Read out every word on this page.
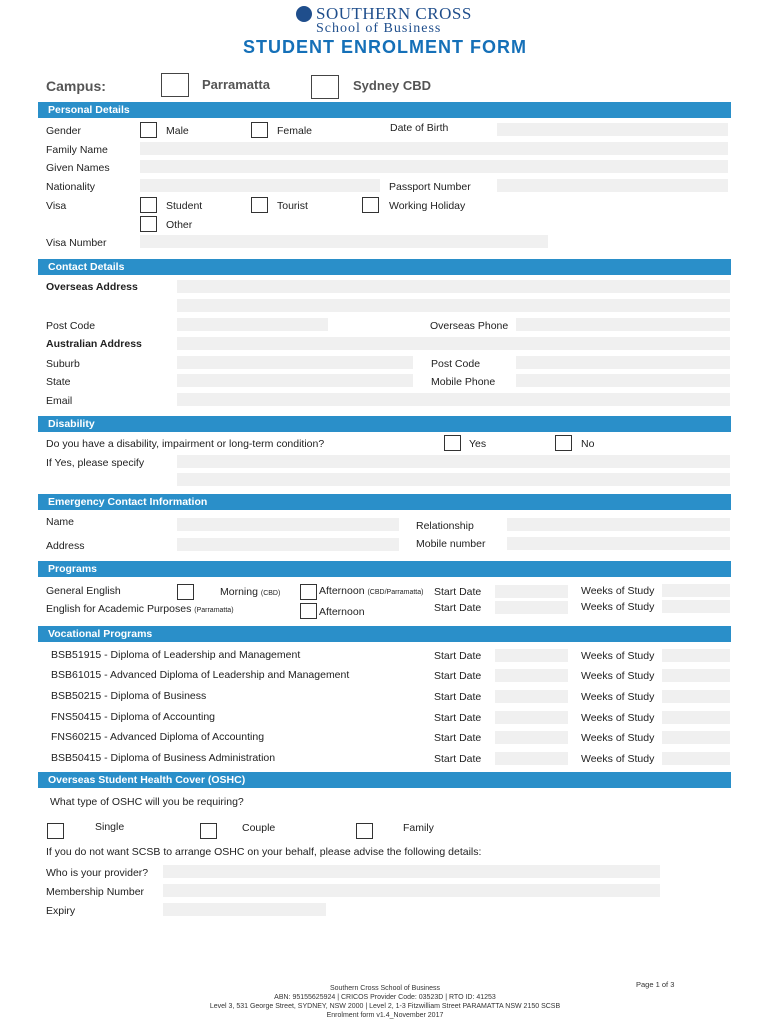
SOUTHERN CROSS
School of Business
STUDENT ENROLMENT FORM
Campus:	Parramatta	Sydney CBD
Personal Details
Gender	Male	Female	Date of Birth
Family Name
Given Names
Nationality	Passport Number
Visa	Student	Tourist	Working Holiday
Other
Visa Number
Contact Details
Overseas Address
Post Code	Overseas Phone
Australian Address
Suburb	Post Code
State	Mobile Phone
Email
Disability
Do you have a disability, impairment or long-term condition?	Yes	No
If Yes, please specify
Emergency Contact Information
Name	Relationship
Address	Mobile number
Programs
General English	Morning (CBD)	Afternoon (CBD/Parramatta) Start Date	Weeks of Study
English for Academic Purposes (Parramatta)	Afternoon	Start Date	Weeks of Study
Vocational Programs
BSB51915 - Diploma of Leadership and Management	Start Date	Weeks of Study
BSB61015 - Advanced Diploma of Leadership and Management	Start Date	Weeks of Study
BSB50215 - Diploma of Business	Start Date	Weeks of Study
FNS50415 - Diploma of Accounting	Start Date	Weeks of Study
FNS60215 - Advanced Diploma of Accounting	Start Date	Weeks of Study
BSB50415 - Diploma of Business Administration	Start Date	Weeks of Study
Overseas Student Health Cover (OSHC)
What type of OSHC will you be requiring?
Single	Couple	Family
If you do not want SCSB to arrange OSHC on your behalf, please advise the following details:
Who is your provider?
Membership Number
Expiry
Page 1 of 3
Southern Cross School of Business
ABN: 95155625924 | CRICOS Provider Code: 03523D | RTO ID: 41253
Level 3, 531 George Street, SYDNEY, NSW 2000 | Level 2, 1-3 Fitzwilliam Street PARAMATTA NSW 2150 SCSB
Enrolment form v1.4_November 2017
